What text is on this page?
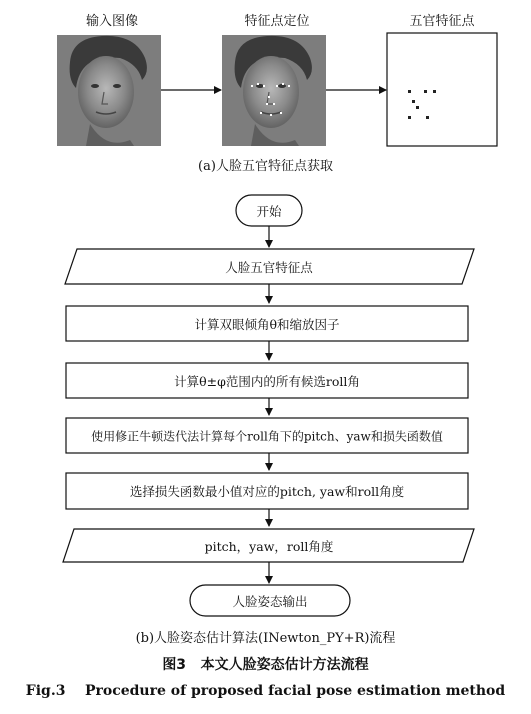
输入图像	特征点定位	五官特征点
(a)人脸五官特征点获取
开始
人脸五官特征点
计算双眼倾角θ和缩放因子
计算θ±φ范围内的所有候选roll角
使用修正牛顿迭代法计算每个roll角下的pitch、yaw和损失函数值
选择损失函数最小值对应的pitch, yaw和roll角度
pitch，yaw，roll角度
人脸姿态输出
(b)人脸姿态估计算法(INewton_PY+R)流程
图3   本文人脸姿态估计方法流程
Fig.3    Procedure of proposed facial pose estimation method
